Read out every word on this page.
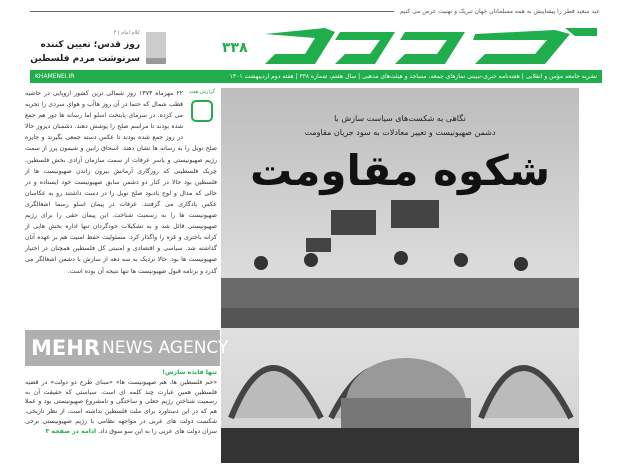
عید سعید فطر را پیشاپیش به همه مسلمانان جهان تبریک و تهنیت عرض می کنیم
۳۳۸
کلام امام | ۴
روز قدس؛ تعیین کننده
سرنوشت مردم فلسطین
نشریه جامعه مؤمن و انقلابی | هفته‌نامه خبری-تبیینی نمازهای جمعه، مساجد و هیئت‌های مذهبی | سال هفتم، شماره ۳۳۸ | هفته دوم اردیبهشت ۱۴۰۱
KHAMENEI.IR
گزارش هفته

۲۲ مهرماه ۱۳۷۳ روز شمالی ترین کشور اروپایی در حاشیه قطب شمال که حتما در آن روز هاآب و هوای سردی را تجربه می کرده. در سرمای پایتخت اسلو اما رسانه ها دور هم جمع شده بودند تا مراسم صلح را پوشش دهند. دشمنان دیروز حالا در روز جمع شده بودند تا عکس دسته جمعی بگیرند و جایزه صلح نوبل را به رسانه ها نشان دهند. اسحاق رابین و شیمون پرز از سمت رژیم صهیونیستی و یاسر عرفات از سمت سازمان آزادی بخش فلسطین. چریک فلسطینی که روزگاری آرمانش بیرون راندن صهیونیست ها از فلسطین بود حالا در کنار دو دشمن سابق صهیونیست خود ایستاده و در حالی که مدال و لوح یادبود صلح نوبل را در دست داشتند رو به عکاسان عکس یادگاری می گرفتند. عرفات در پیمان اسلو رسما اشغالگری صهیونیست ها را به رسمیت شناخت. این پیمان حقی را برای رژیم صهیونیستی قائل شد و به تشکیلات خودگردان تنها اداره بخش هایی از کرانه باختری و غزه را واگذار کرد. مسئولیت حفظ امنیت هم بر عهده آنان گذاشته شد. سیاسی و اقتصادی و امنیتی کل فلسطین همچنان در اختیار صهیونیست ها بود. حالا نزدیک به سه دهه از سازش با دشمن اشغالگر می گذرد و برنامه قبول صهیونیست ها تنها نتیجه آن بوده است.

تنها فایده سازش!

«حم فلسطین ها، هم صهیونیست ها» «مبنای طرح دو دولت» در قضیه فلسطین همین عبارت چند کلمه ای است. سیاستی که حقیقت آن به رسمیت شناختن رژیم جعلی و ساختگی و نامشروع صهیونیستی بود و عملا هم که در این دستاورد برای ملت فلسطین نداشته است. از نظر تاریخی، شکست دولت های عربی در مواجهه نظامی با رژیم صهیونیستی برخی سران دولت های عربی را به این سو سوق داد. ادامه در صفحه ۳

نگاهی به شکست‌های سیاست سازش با
دشمن صهیونیست و تغییر معادلات به سود جریان مقاومت
شکوه مقاومت
MEHR NEWS AGENCY
